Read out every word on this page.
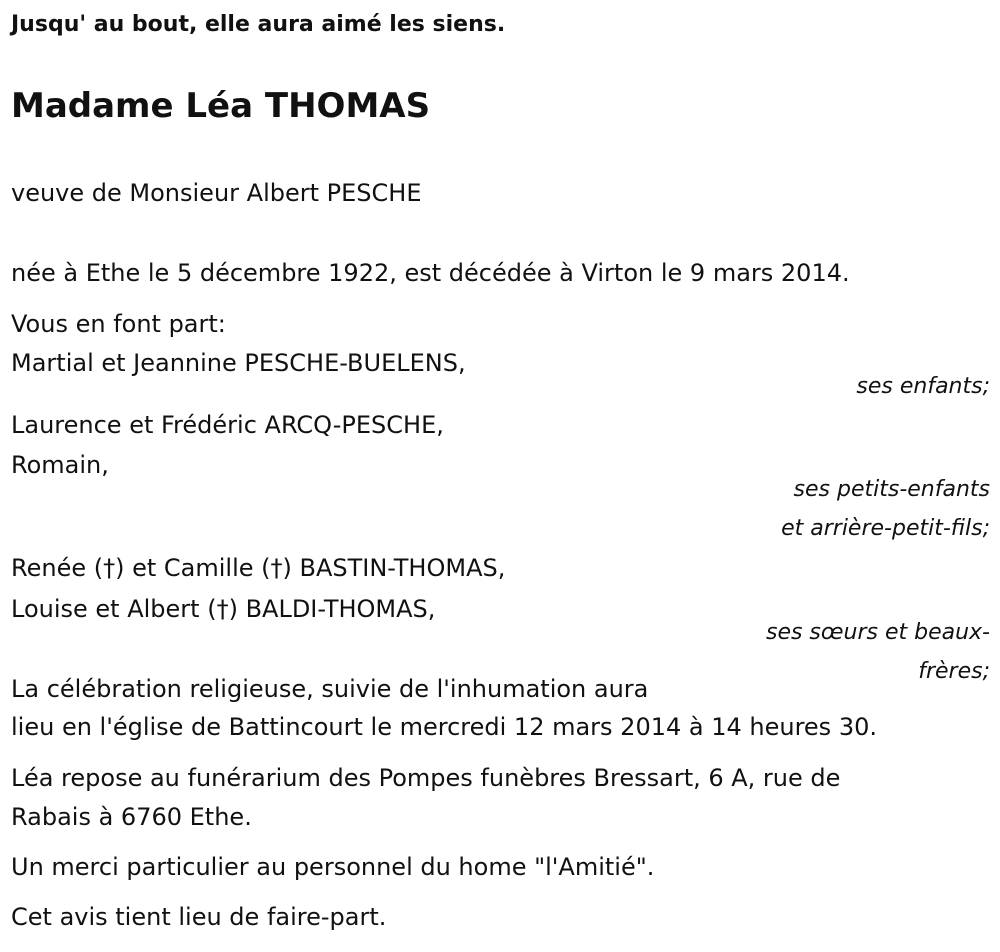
Jusqu' au bout, elle aura aimé les siens.
Madame Léa THOMAS
veuve de Monsieur Albert PESCHE
née à Ethe le 5 décembre 1922, est décédée à Virton le 9 mars 2014.
Vous en font part:
Martial et Jeannine PESCHE-BUELENS,
ses enfants;
Laurence et Frédéric ARCQ-PESCHE,
Romain,
ses petits-enfants
et arrière-petit-fils;
Renée (†) et Camille (†) BASTIN-THOMAS,
Louise et Albert (†) BALDI-THOMAS,
ses sœurs et beaux-
frères;
La célébration religieuse, suivie de l'inhumation aura
lieu en l'église de Battincourt le mercredi 12 mars 2014 à 14 heures 30.
Léa repose au funérarium des Pompes funèbres Bressart, 6 A, rue de
Rabais à 6760 Ethe.
Un merci particulier au personnel du home "l'Amitié".
Cet avis tient lieu de faire-part.
